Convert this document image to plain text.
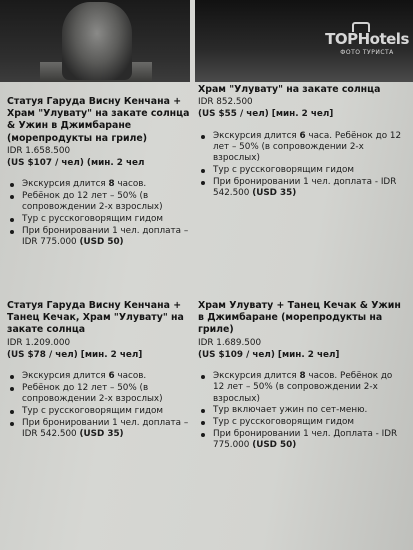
TOPHotels
ФОТО ТУРИСТА
Статуя Гаруда Висну Кенчана + Храм "Улувату" на закате солнца & Ужин в Джимбаране (морепродукты на гриле)
IDR 1.658.500
(US $107 / чел) (мин. 2 чел
Экскурсия длится 8 часов.
Ребёнок до 12 лет – 50% (в сопровождении 2-х взрослых)
Тур с русскоговорящим гидом
При бронировании 1 чел. доплата – IDR 775.000 (USD 50)
Храм "Улувату" на закате солнца
IDR 852.500
(US $55 / чел) [мин. 2 чел]
Экскурсия длится 6 часа. Ребёнок до 12 лет – 50% (в сопровождении 2-х взрослых)
Тур с русскоговорящим гидом
При бронировании 1 чел. доплата - IDR 542.500 (USD 35)
Статуя Гаруда Висну Кенчана + Танец Кечак, Храм "Улувату" на закате солнца
IDR 1.209.000
(US $78 / чел) [мин. 2 чел]
Экскурсия длится 6 часов.
Ребёнок до 12 лет – 50% (в сопровождении 2-х взрослых)
Тур с русскоговорящим гидом
При бронировании 1 чел. доплата – IDR 542.500 (USD 35)
Храм Улувату + Танец Кечак & Ужин в Джимбаране (морепродукты на гриле)
IDR 1.689.500
(US $109 / чел) [мин. 2 чел]
Экскурсия длится 8 часов. Ребёнок до 12 лет – 50% (в сопровождении 2-х взрослых)
Тур включает ужин по сет-меню.
Тур с русскоговорящим гидом
При бронировании 1 чел. Доплата - IDR 775.000 (USD 50)
